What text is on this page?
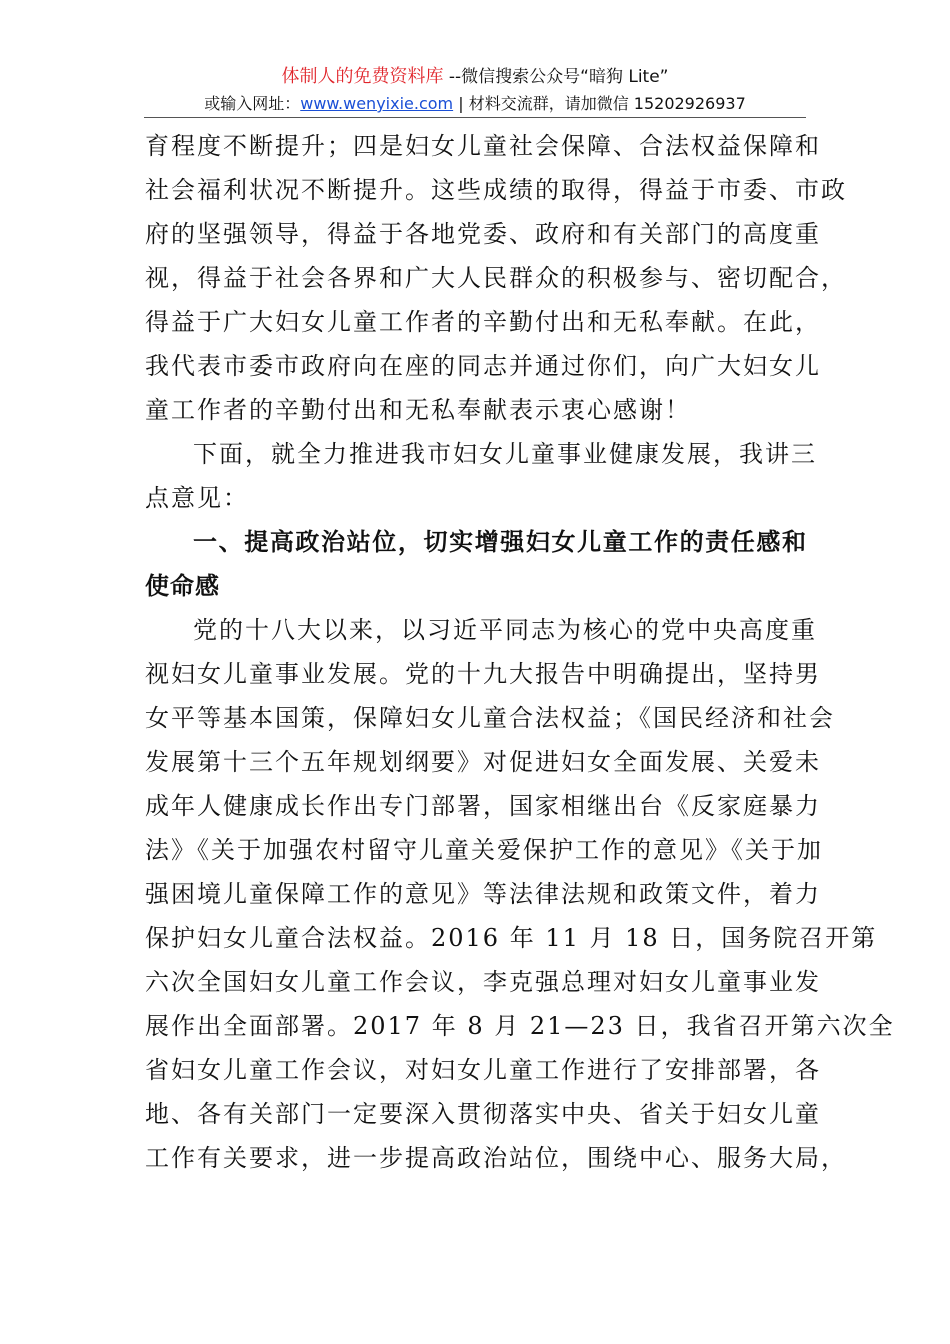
体制人的免费资料库 --微信搜索公众号“暗狗 Lite”
或输入网址：www.wenyixie.com | 材料交流群，请加微信 15202926937
育程度不断提升；四是妇女儿童社会保障、合法权益保障和
社会福利状况不断提升。这些成绩的取得，得益于市委、市政
府的坚强领导，得益于各地党委、政府和有关部门的高度重
视，得益于社会各界和广大人民群众的积极参与、密切配合，
得益于广大妇女儿童工作者的辛勤付出和无私奉献。在此，
我代表市委市政府向在座的同志并通过你们，向广大妇女儿
童工作者的辛勤付出和无私奉献表示衷心感谢！
下面，就全力推进我市妇女儿童事业健康发展，我讲三
点意见：
一、提高政治站位，切实增强妇女儿童工作的责任感和
使命感
党的十八大以来，以习近平同志为核心的党中央高度重
视妇女儿童事业发展。党的十九大报告中明确提出，坚持男
女平等基本国策，保障妇女儿童合法权益；《国民经济和社会
发展第十三个五年规划纲要》对促进妇女全面发展、关爱未
成年人健康成长作出专门部署，国家相继出台《反家庭暴力
法》《关于加强农村留守儿童关爱保护工作的意见》《关于加
强困境儿童保障工作的意见》等法律法规和政策文件，着力
保护妇女儿童合法权益。2016 年 11 月 18 日，国务院召开第
六次全国妇女儿童工作会议，李克强总理对妇女儿童事业发
展作出全面部署。2017 年 8 月 21—23 日，我省召开第六次全
省妇女儿童工作会议，对妇女儿童工作进行了安排部署，各
地、各有关部门一定要深入贯彻落实中央、省关于妇女儿童
工作有关要求，进一步提高政治站位，围绕中心、服务大局，
